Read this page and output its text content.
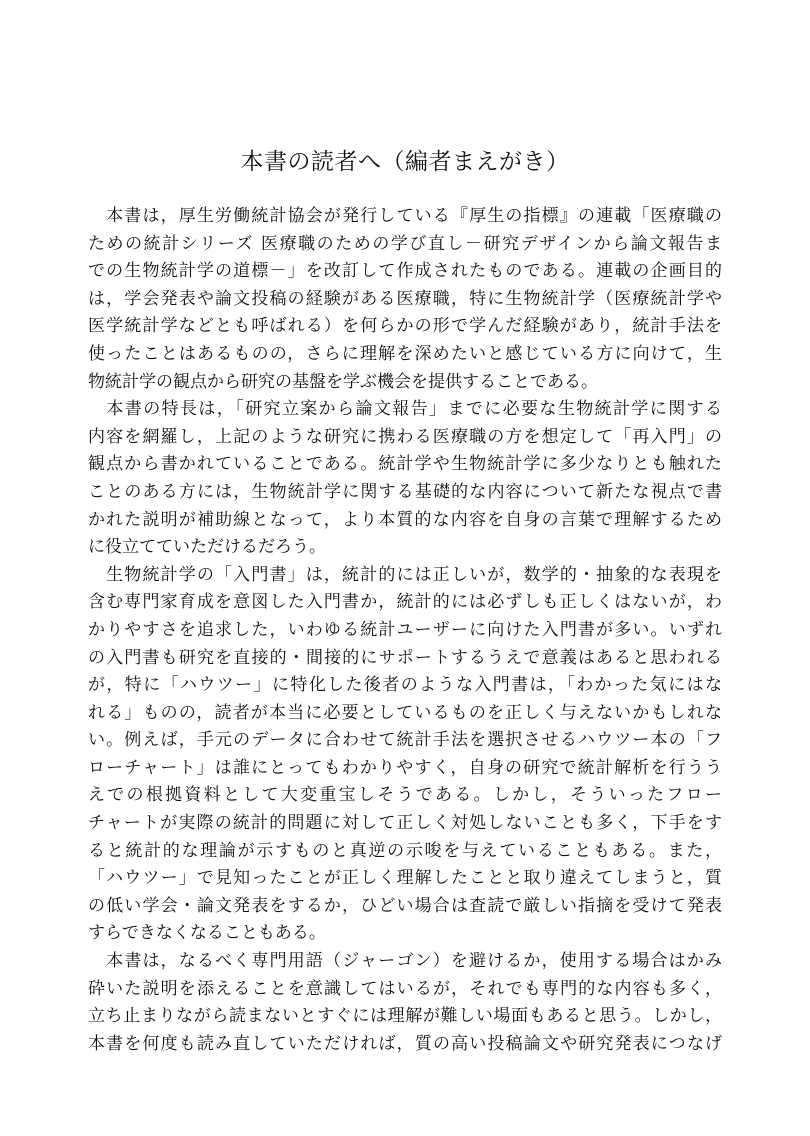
本書の読者へ（編者まえがき）
　本書は，厚生労働統計協会が発行している『厚生の指標』の連載「医療職の
ための統計シリーズ 医療職のための学び直し－研究デザインから論文報告ま
での生物統計学の道標－」を改訂して作成されたものである。連載の企画目的
は，学会発表や論文投稿の経験がある医療職，特に生物統計学（医療統計学や
医学統計学などとも呼ばれる）を何らかの形で学んだ経験があり，統計手法を
使ったことはあるものの，さらに理解を深めたいと感じている方に向けて，生
物統計学の観点から研究の基盤を学ぶ機会を提供することである。
　本書の特長は，「研究立案から論文報告」までに必要な生物統計学に関する
内容を網羅し，上記のような研究に携わる医療職の方を想定して「再入門」の
観点から書かれていることである。統計学や生物統計学に多少なりとも触れた
ことのある方には，生物統計学に関する基礎的な内容について新たな視点で書
かれた説明が補助線となって，より本質的な内容を自身の言葉で理解するため
に役立てていただけるだろう。
　生物統計学の「入門書」は，統計的には正しいが，数学的・抽象的な表現を
含む専門家育成を意図した入門書か，統計的には必ずしも正しくはないが，わ
かりやすさを追求した，いわゆる統計ユーザーに向けた入門書が多い。いずれ
の入門書も研究を直接的・間接的にサポートするうえで意義はあると思われる
が，特に「ハウツー」に特化した後者のような入門書は，「わかった気にはな
れる」ものの，読者が本当に必要としているものを正しく与えないかもしれな
い。例えば，手元のデータに合わせて統計手法を選択させるハウツー本の「フ
ローチャート」は誰にとってもわかりやすく，自身の研究で統計解析を行うう
えでの根拠資料として大変重宝しそうである。しかし，そういったフロー
チャートが実際の統計的問題に対して正しく対処しないことも多く，下手をす
ると統計的な理論が示すものと真逆の示唆を与えていることもある。また，
「ハウツー」で見知ったことが正しく理解したことと取り違えてしまうと，質
の低い学会・論文発表をするか，ひどい場合は査読で厳しい指摘を受けて発表
すらできなくなることもある。
　本書は，なるべく専門用語（ジャーゴン）を避けるか，使用する場合はかみ
砕いた説明を添えることを意識してはいるが，それでも専門的な内容も多く，
立ち止まりながら読まないとすぐには理解が難しい場面もあると思う。しかし，
本書を何度も読み直していただければ，質の高い投稿論文や研究発表につなげ
